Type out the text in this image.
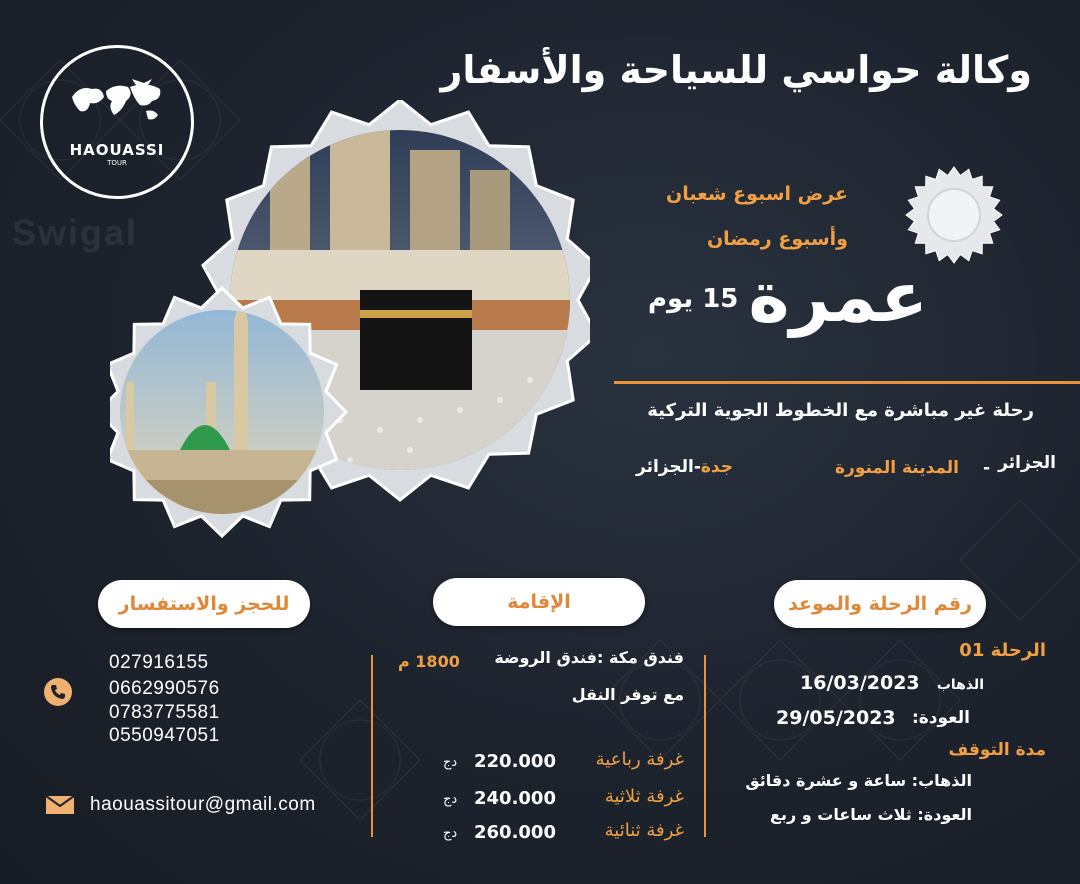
Swigal
HAOUASSI
TOUR
وكالة حواسي للسياحة والأسفار
عرض اسبوع شعبان
وأسبوع رمضان
عمرة
15 يوم
رحلة غير مباشرة مع الخطوط الجوية التركية
الجزائر
-
المدينة المنورة
جدة-الجزائر
رقم الرحلة والموعد
الإقامة
للحجز والاستفسار
الرحلة 01
الذهاب
16/03/2023
العودة:
29/05/2023
مدة التوقف
الذهاب: ساعة و عشرة دقائق
العودة: ثلاث ساعات و ربع
فندق مكة :فندق الروضة
1800 م
مع توفر النقل
غرفة رباعية
220.000
دج
غرفة ثلاثية
240.000
دج
غرفة ثنائية
260.000
دج
027916155
0662990576
0783775581
0550947051
haouassitour@gmail.com
